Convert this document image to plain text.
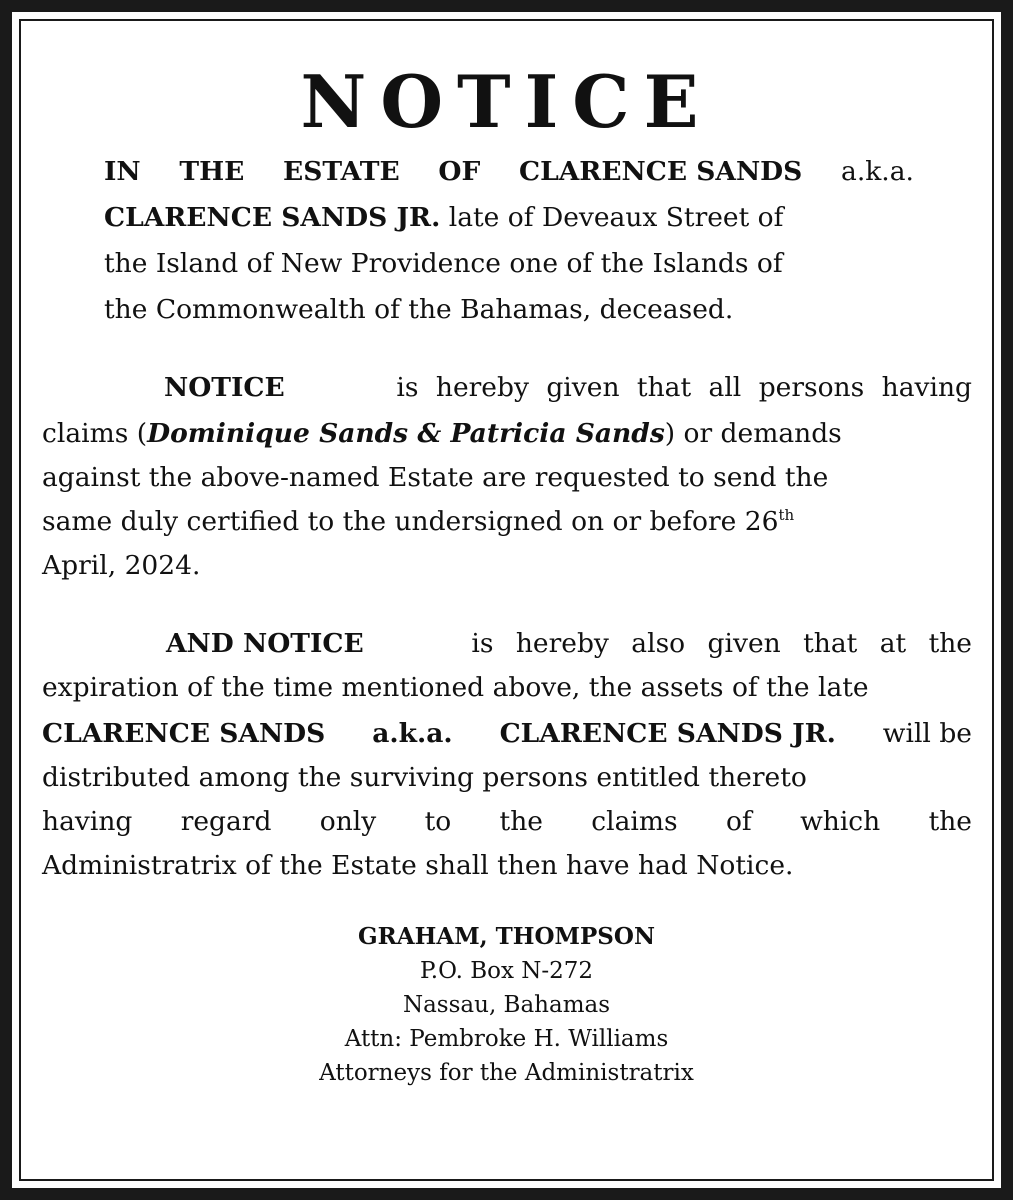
NOTICE
IN THE ESTATE OF CLARENCE SANDS a.k.a.
CLARENCE SANDS JR. late of Deveaux Street of
the Island of New Providence one of the Islands of
the Commonwealth of the Bahamas, deceased.
NOTICE	is hereby given that all persons having
claims (Dominique Sands & Patricia Sands) or demands
against the above-named Estate are requested to send the
same duly certified to the undersigned on or before 26th
April, 2024.
AND NOTICE	is hereby also given that at the
expiration of the time mentioned above, the assets of the late
CLARENCE SANDS a.k.a. CLARENCE SANDS JR. will be
distributed among the surviving persons entitled thereto
having regard only to the claims of which the
Administratrix of the Estate shall then have had Notice.
GRAHAM, THOMPSON
P.O. Box N-272
Nassau, Bahamas
Attn: Pembroke H. Williams
Attorneys for the Administratrix
